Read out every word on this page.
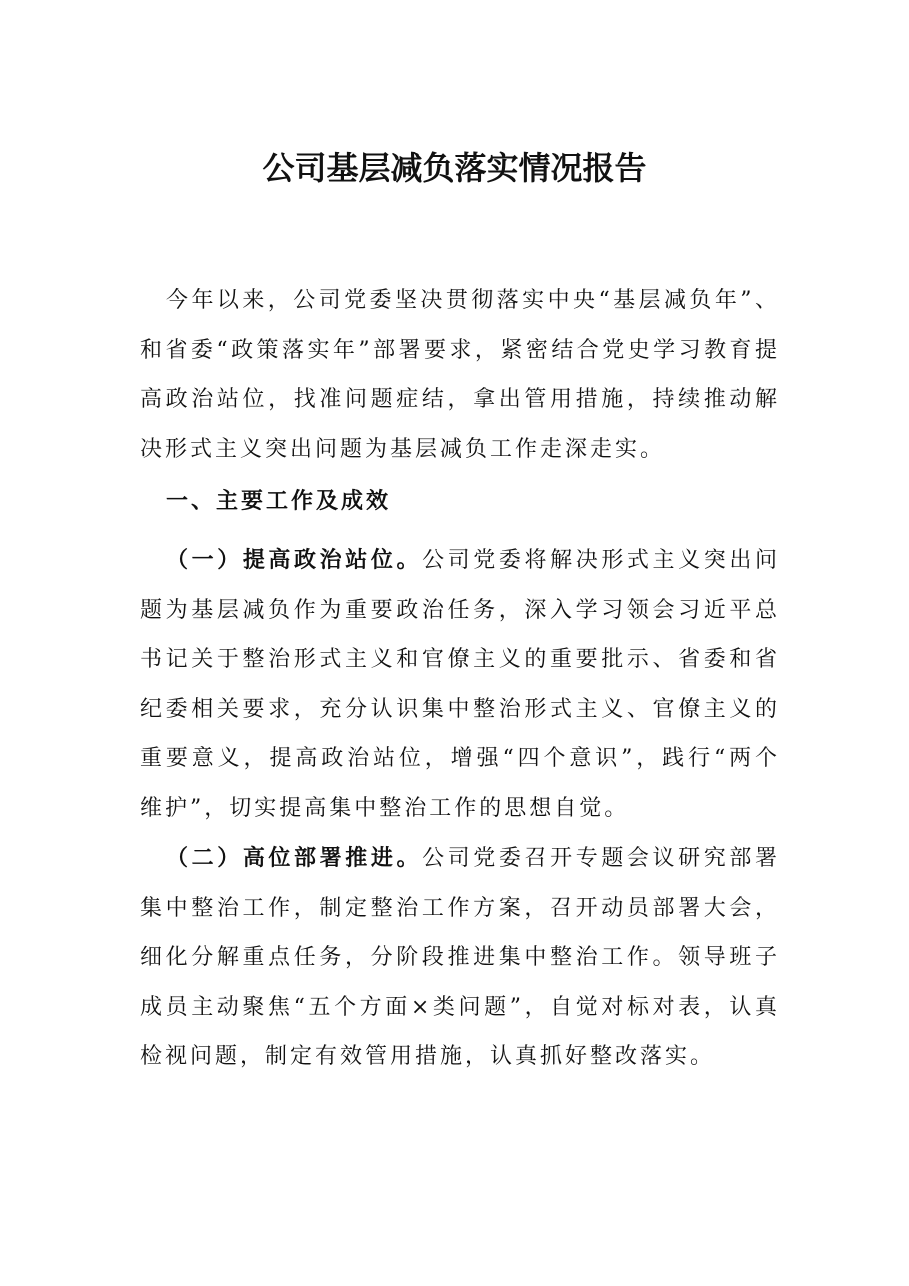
公司基层减负落实情况报告

今年以来，公司党委坚决贯彻落实中央“基层减负年”、和省委“政策落实年”部署要求，紧密结合党史学习教育提高政治站位，找准问题症结，拿出管用措施，持续推动解决形式主义突出问题为基层减负工作走深走实。

一、主要工作及成效

（一）提高政治站位。公司党委将解决形式主义突出问题为基层减负作为重要政治任务，深入学习领会习近平总书记关于整治形式主义和官僚主义的重要批示、省委和省纪委相关要求，充分认识集中整治形式主义、官僚主义的重要意义，提高政治站位，增强“四个意识”，践行“两个维护”，切实提高集中整治工作的思想自觉。

（二）高位部署推进。公司党委召开专题会议研究部署集中整治工作，制定整治工作方案，召开动员部署大会，细化分解重点任务，分阶段推进集中整治工作。领导班子成员主动聚焦“五个方面×类问题”，自觉对标对表，认真检视问题，制定有效管用措施，认真抓好整改落实。
